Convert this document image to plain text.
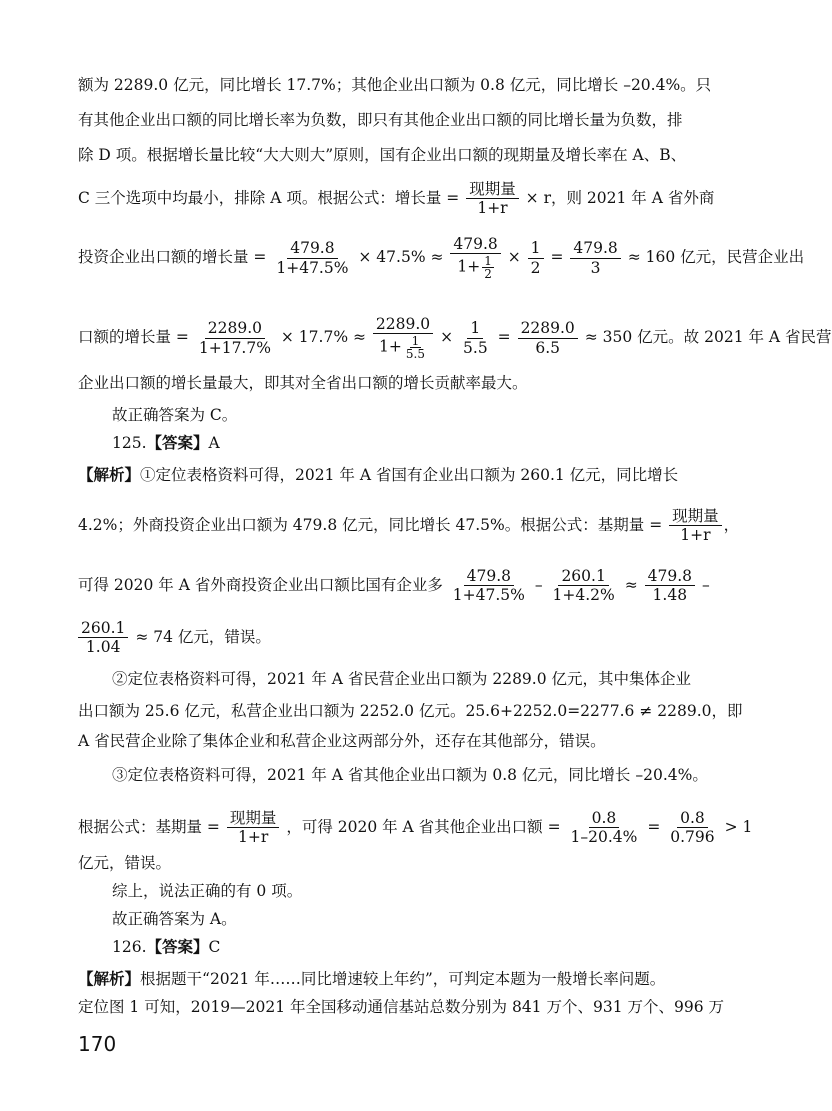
额为 2289.0 亿元，同比增长 17.7%；其他企业出口额为 0.8 亿元，同比增长 –20.4%。只
有其他企业出口额的同比增长率为负数，即只有其他企业出口额的同比增长量为负数，排
除 D 项。根据增长量比较“大大则大”原则，国有企业出口额的现期量及增长率在 A、B、
C 三个选项中均最小，排除 A 项。根据公式：增长量 = $\frac{\text{现期量}}{1+r} \times r$，则 2021 年 A 省外商
投资企业出口额的增长量 = $\frac{479.8}{1+47.5\%} \times 47.5\% \approx \frac{479.8}{1+ \frac{1}{2}} \times \frac{1}{2} = \frac{479.8}{3} \approx 160$ 亿元，民营企业出
口额的增长量 = $\frac{2289.0}{1+17.7\%} \times 17.7\% \approx \frac{2289.0}{1+ \frac{1}{5.5}} \times \frac{1}{5.5} = \frac{2289.0}{6.5} \approx 350$ 亿元。故 2021 年 A 省民营
企业出口额的增长量最大，即其对全省出口额的增长贡献率最大。
故正确答案为 C。
125.【答案】A
【解析】①定位表格资料可得，2021 年 A 省国有企业出口额为 260.1 亿元，同比增长
4.2%；外商投资企业出口额为 479.8 亿元，同比增长 47.5%。根据公式：基期量 = $\frac{\text{现期量}}{1+r}$ ，
可得 2020 年 A 省外商投资企业出口额比国有企业多 $\frac{479.8}{1+47.5\%} - \frac{260.1}{1+4.2\%} \approx \frac{479.8}{1.48}$ –
$\frac{260.1}{1.04} \approx 74$ 亿元，错误。
②定位表格资料可得，2021 年 A 省民营企业出口额为 2289.0 亿元，其中集体企业
出口额为 25.6 亿元，私营企业出口额为 2252.0 亿元。25.6+2252.0=2277.6 ≠ 2289.0，即
A 省民营企业除了集体企业和私营企业这两部分外，还存在其他部分，错误。
③定位表格资料可得，2021 年 A 省其他企业出口额为 0.8 亿元，同比增长 –20.4%。
根据公式：基期量 = $\frac{\text{现期量}}{1+r}$ ，可得 2020 年 A 省其他企业出口额 = $\frac{0.8}{1-20.4\%} = \frac{0.8}{0.796} > 1$
亿元，错误。
综上，说法正确的有 0 项。
故正确答案为 A。
126.【答案】C
【解析】根据题干“2021 年……同比增速较上年约”，可判定本题为一般增长率问题。
定位图 1 可知，2019—2021 年全国移动通信基站总数分别为 841 万个、931 万个、996 万
170
